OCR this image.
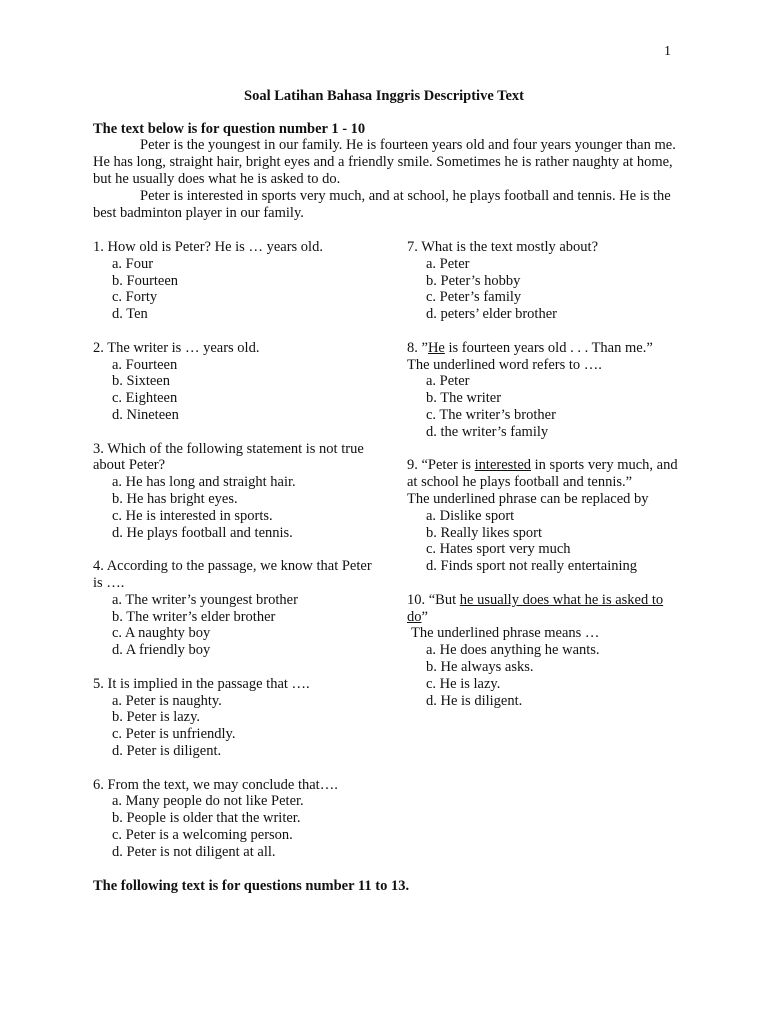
1
Soal Latihan Bahasa Inggris Descriptive Text
The text below is for question number 1 - 10

Peter is the youngest in our family. He is fourteen years old and four years younger than me. He has long, straight hair, bright eyes and a friendly smile. Sometimes he is rather naughty at home, but he usually does what he is asked to do.

Peter is interested in sports very much, and at school, he plays football and tennis. He is the best badminton player in our family.

1. How old is Peter? He is … years old.

a. Four
b. Fourteen
c. Forty
d. Ten

2. The writer is … years old.

a. Fourteen
b. Sixteen
c. Eighteen
d. Nineteen

3. Which of the following statement is not true about Peter?

a. He has long and straight hair.
b. He has bright eyes.
c. He is interested in sports.
d. He plays football and tennis.

4. According to the passage, we know that Peter is ….

a. The writer’s youngest brother
b. The writer’s elder brother
c. A naughty boy
d. A friendly boy

5. It is implied in the passage that ….

a. Peter is naughty.
b. Peter is lazy.
c. Peter is unfriendly.
d. Peter is diligent.

6. From the text, we may conclude that….

a. Many people do not like Peter.
b. People is older that the writer.
c. Peter is a welcoming person.
d. Peter is not diligent at all.

7. What is the text mostly about?

a. Peter
b. Peter’s hobby
c. Peter’s family
d. peters’ elder brother

8. ”He is fourteen years old . . . Than me.”

The underlined word refers to ….

a. Peter
b. The writer
c. The writer’s brother
d. the writer’s family

9. “Peter is interested in sports very much, and at school he plays football and tennis.”

The underlined phrase can be replaced by

a. Dislike sport
b. Really likes sport
c. Hates sport very much
d. Finds sport not really entertaining

10. “But he usually does what he is asked to do”

The underlined phrase means …

a. He does anything he wants.
b. He always asks.
c. He is lazy.
d. He is diligent.
The following text is for questions number 11 to 13.
